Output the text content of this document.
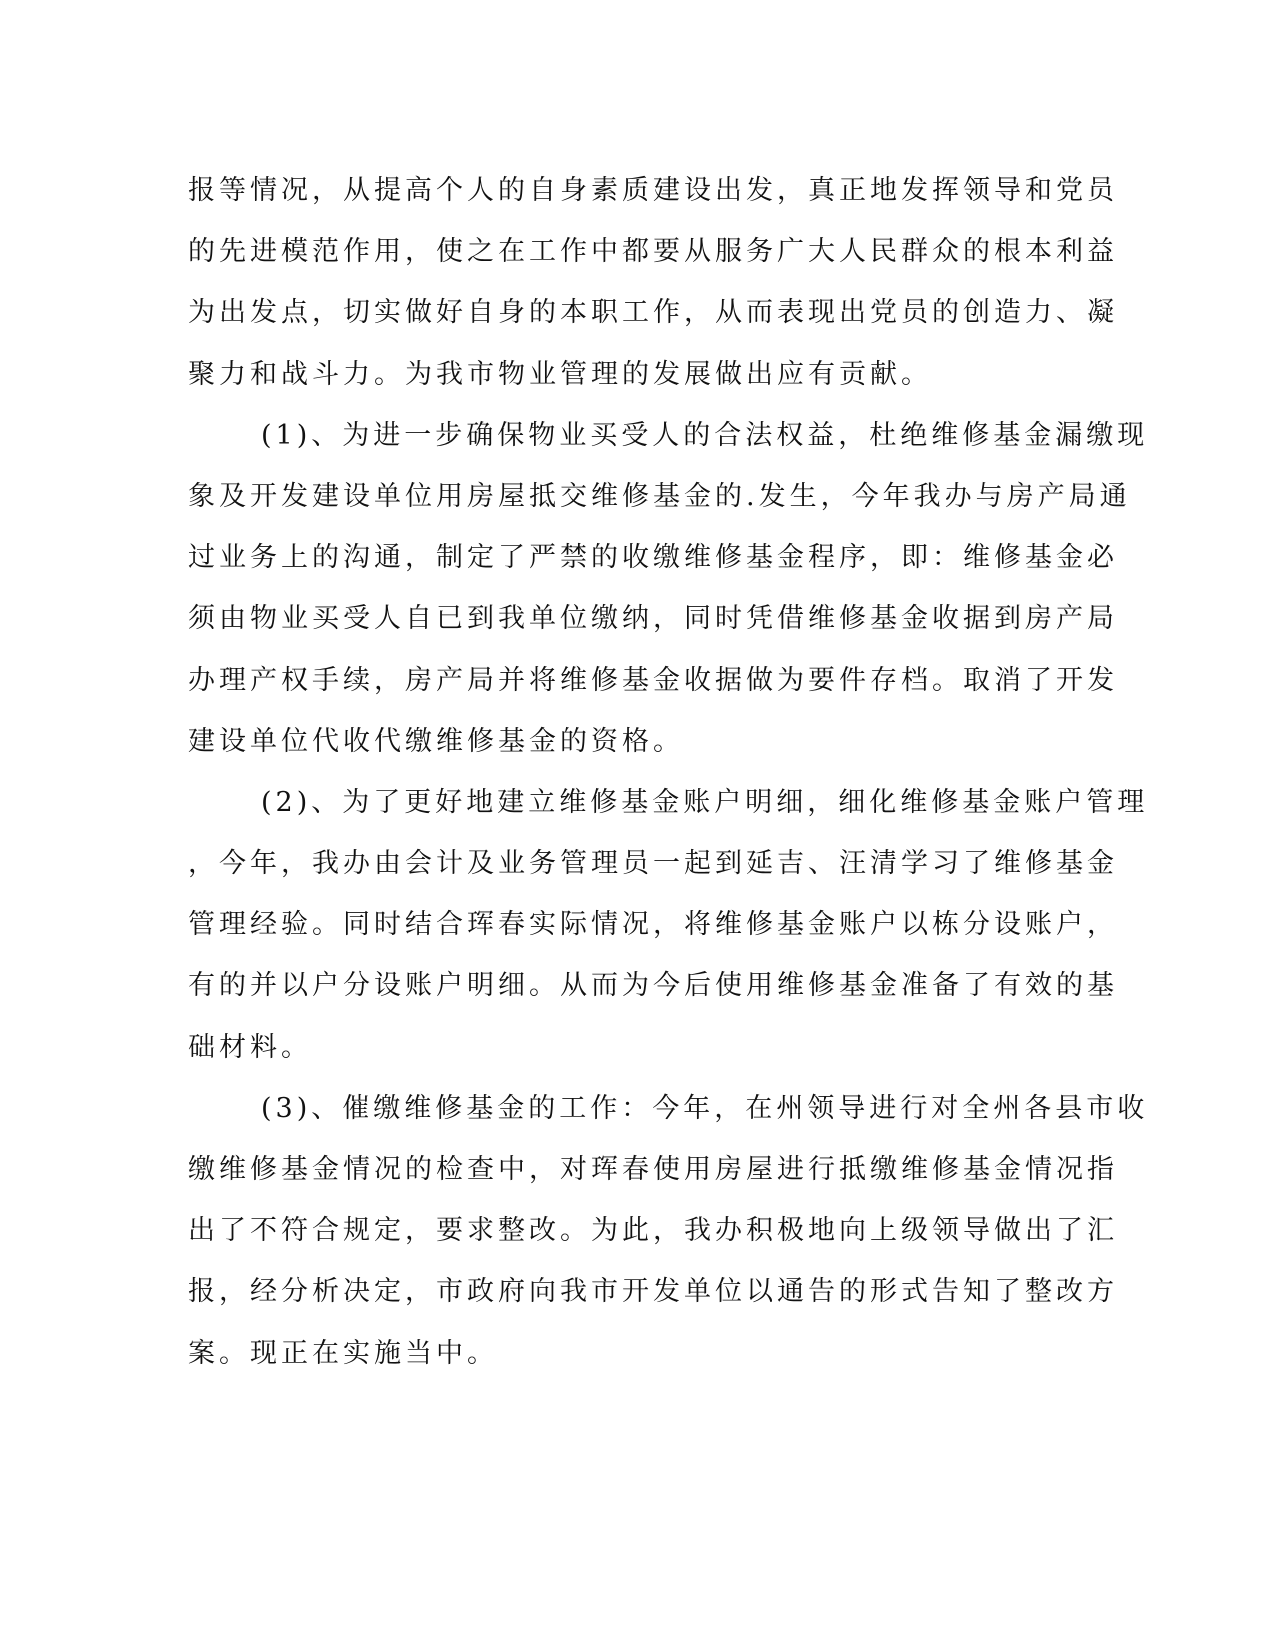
报等情况，从提高个人的自身素质建设出发，真正地发挥领导和党员
的先进模范作用，使之在工作中都要从服务广大人民群众的根本利益
为出发点，切实做好自身的本职工作，从而表现出党员的创造力、凝
聚力和战斗力。为我市物业管理的发展做出应有贡献。
(1)、为进一步确保物业买受人的合法权益，杜绝维修基金漏缴现
象及开发建设单位用房屋抵交维修基金的.发生，今年我办与房产局通
过业务上的沟通，制定了严禁的收缴维修基金程序，即：维修基金必
须由物业买受人自已到我单位缴纳，同时凭借维修基金收据到房产局
办理产权手续，房产局并将维修基金收据做为要件存档。取消了开发
建设单位代收代缴维修基金的资格。
(2)、为了更好地建立维修基金账户明细，细化维修基金账户管理
，今年，我办由会计及业务管理员一起到延吉、汪清学习了维修基金
管理经验。同时结合珲春实际情况，将维修基金账户以栋分设账户，
有的并以户分设账户明细。从而为今后使用维修基金准备了有效的基
础材料。
(3)、催缴维修基金的工作：今年，在州领导进行对全州各县市收
缴维修基金情况的检查中，对珲春使用房屋进行抵缴维修基金情况指
出了不符合规定，要求整改。为此，我办积极地向上级领导做出了汇
报，经分析决定，市政府向我市开发单位以通告的形式告知了整改方
案。现正在实施当中。
